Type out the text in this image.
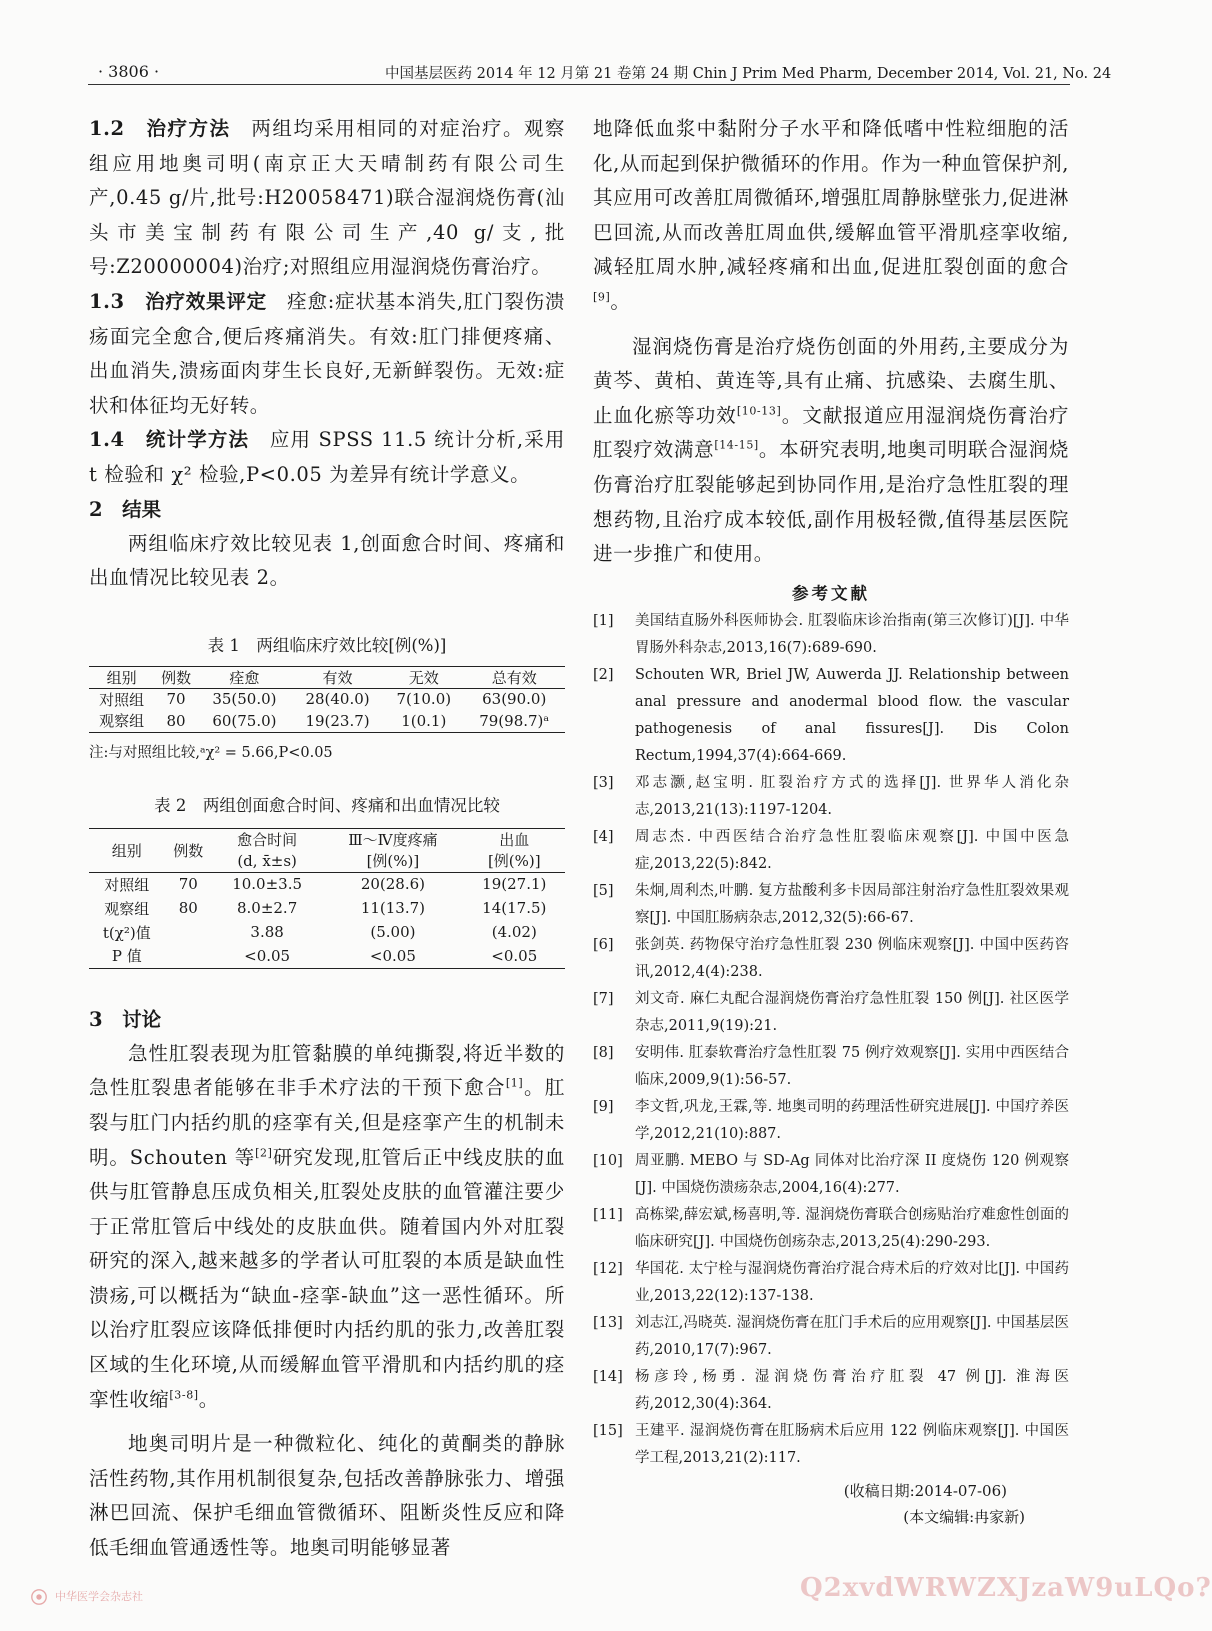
· 3806 ·	中国基层医药 2014 年 12 月第 21 卷第 24 期 Chin J Prim Med Pharm, December 2014, Vol. 21, No. 24

1.2　治疗方法　两组均采用相同的对症治疗。观察组应用地奥司明(南京正大天晴制药有限公司生产,0.45 g/片,批号:H20058471)联合湿润烧伤膏(汕头市美宝制药有限公司生产,40 g/支,批号:Z20000004)治疗;对照组应用湿润烧伤膏治疗。

1.3　治疗效果评定　痊愈:症状基本消失,肛门裂伤溃疡面完全愈合,便后疼痛消失。有效:肛门排便疼痛、出血消失,溃疡面肉芽生长良好,无新鲜裂伤。无效:症状和体征均无好转。

1.4　统计学方法　应用 SPSS 11.5 统计分析,采用 t 检验和 χ² 检验,P<0.05 为差异有统计学意义。

2　结果

两组临床疗效比较见表 1,创面愈合时间、疼痛和出血情况比较见表 2。

表 1　两组临床疗效比较[例(%)]

组别	例数	痊愈	有效	无效	总有效
对照组	70	35(50.0)	28(40.0)	7(10.0)	63(90.0)
观察组	80	60(75.0)	19(23.7)	1(0.1)	79(98.7)ᵃ

注:与对照组比较,ᵃχ² = 5.66,P<0.05

表 2　两组创面愈合时间、疼痛和出血情况比较

组别	例数	愈合时间	Ⅲ～Ⅳ度疼痛	出血
		(d, x̄±s)	[例(%)]	[例(%)]
对照组	70	10.0±3.5	20(28.6)	19(27.1)
观察组	80	8.0±2.7	11(13.7)	14(17.5)
t(χ²)值		3.88	(5.00)	(4.02)
P 值		<0.05	<0.05	<0.05

3　讨论

急性肛裂表现为肛管黏膜的单纯撕裂,将近半数的急性肛裂患者能够在非手术疗法的干预下愈合[1]。肛裂与肛门内括约肌的痉挛有关,但是痉挛产生的机制未明。Schouten 等[2]研究发现,肛管后正中线皮肤的血供与肛管静息压成负相关,肛裂处皮肤的血管灌注要少于正常肛管后中线处的皮肤血供。随着国内外对肛裂研究的深入,越来越多的学者认可肛裂的本质是缺血性溃疡,可以概括为“缺血-痉挛-缺血”这一恶性循环。所以治疗肛裂应该降低排便时内括约肌的张力,改善肛裂区域的生化环境,从而缓解血管平滑肌和内括约肌的痉挛性收缩[3-8]。

地奥司明片是一种微粒化、纯化的黄酮类的静脉活性药物,其作用机制很复杂,包括改善静脉张力、增强淋巴回流、保护毛细血管微循环、阻断炎性反应和降低毛细血管通透性等。地奥司明能够显著

地降低血浆中黏附分子水平和降低嗜中性粒细胞的活化,从而起到保护微循环的作用。作为一种血管保护剂,其应用可改善肛周微循环,增强肛周静脉壁张力,促进淋巴回流,从而改善肛周血供,缓解血管平滑肌痉挛收缩,减轻肛周水肿,减轻疼痛和出血,促进肛裂创面的愈合[9]。

湿润烧伤膏是治疗烧伤创面的外用药,主要成分为黄芩、黄柏、黄连等,具有止痛、抗感染、去腐生肌、止血化瘀等功效[10-13]。文献报道应用湿润烧伤膏治疗肛裂疗效满意[14-15]。本研究表明,地奥司明联合湿润烧伤膏治疗肛裂能够起到协同作用,是治疗急性肛裂的理想药物,且治疗成本较低,副作用极轻微,值得基层医院进一步推广和使用。

参考文献

[1]	美国结直肠外科医师协会. 肛裂临床诊治指南(第三次修订)[J]. 中华胃肠外科杂志,2013,16(7):689-690.
[2]	Schouten WR, Briel JW, Auwerda JJ. Relationship between anal pressure and anodermal blood flow. the vascular pathogenesis of anal fissures[J]. Dis Colon Rectum,1994,37(4):664-669.
[3]	邓志灏,赵宝明. 肛裂治疗方式的选择[J]. 世界华人消化杂志,2013,21(13):1197-1204.
[4]	周志杰. 中西医结合治疗急性肛裂临床观察[J]. 中国中医急症,2013,22(5):842.
[5]	朱炯,周利杰,叶鹏. 复方盐酸利多卡因局部注射治疗急性肛裂效果观察[J]. 中国肛肠病杂志,2012,32(5):66-67.
[6]	张剑英. 药物保守治疗急性肛裂 230 例临床观察[J]. 中国中医药咨讯,2012,4(4):238.
[7]	刘文奇. 麻仁丸配合湿润烧伤膏治疗急性肛裂 150 例[J]. 社区医学杂志,2011,9(19):21.
[8]	安明伟. 肛泰软膏治疗急性肛裂 75 例疗效观察[J]. 实用中西医结合临床,2009,9(1):56-57.
[9]	李文哲,巩龙,王霖,等. 地奥司明的药理活性研究进展[J]. 中国疗养医学,2012,21(10):887.
[10] 周亚鹏. MEBO 与 SD-Ag 同体对比治疗深 II 度烧伤 120 例观察[J]. 中国烧伤溃疡杂志,2004,16(4):277.
[11] 高栋梁,薛宏斌,杨喜明,等. 湿润烧伤膏联合创疡贴治疗难愈性创面的临床研究[J]. 中国烧伤创疡杂志,2013,25(4):290-293.
[12] 华国花. 太宁栓与湿润烧伤膏治疗混合痔术后的疗效对比[J]. 中国药业,2013,22(12):137-138.
[13] 刘志江,冯晓英. 湿润烧伤膏在肛门手术后的应用观察[J]. 中国基层医药,2010,17(7):967.
[14] 杨彦玲,杨勇. 湿润烧伤膏治疗肛裂 47 例[J]. 淮海医药,2012,30(4):364.
[15] 王建平. 湿润烧伤膏在肛肠病术后应用 122 例临床观察[J]. 中国医学工程,2013,21(2):117.

(收稿日期:2014-07-06)

(本文编辑:冉家新)

中华医学会杂志社	Q2xvdWRWZXJzaW9uLQo?
